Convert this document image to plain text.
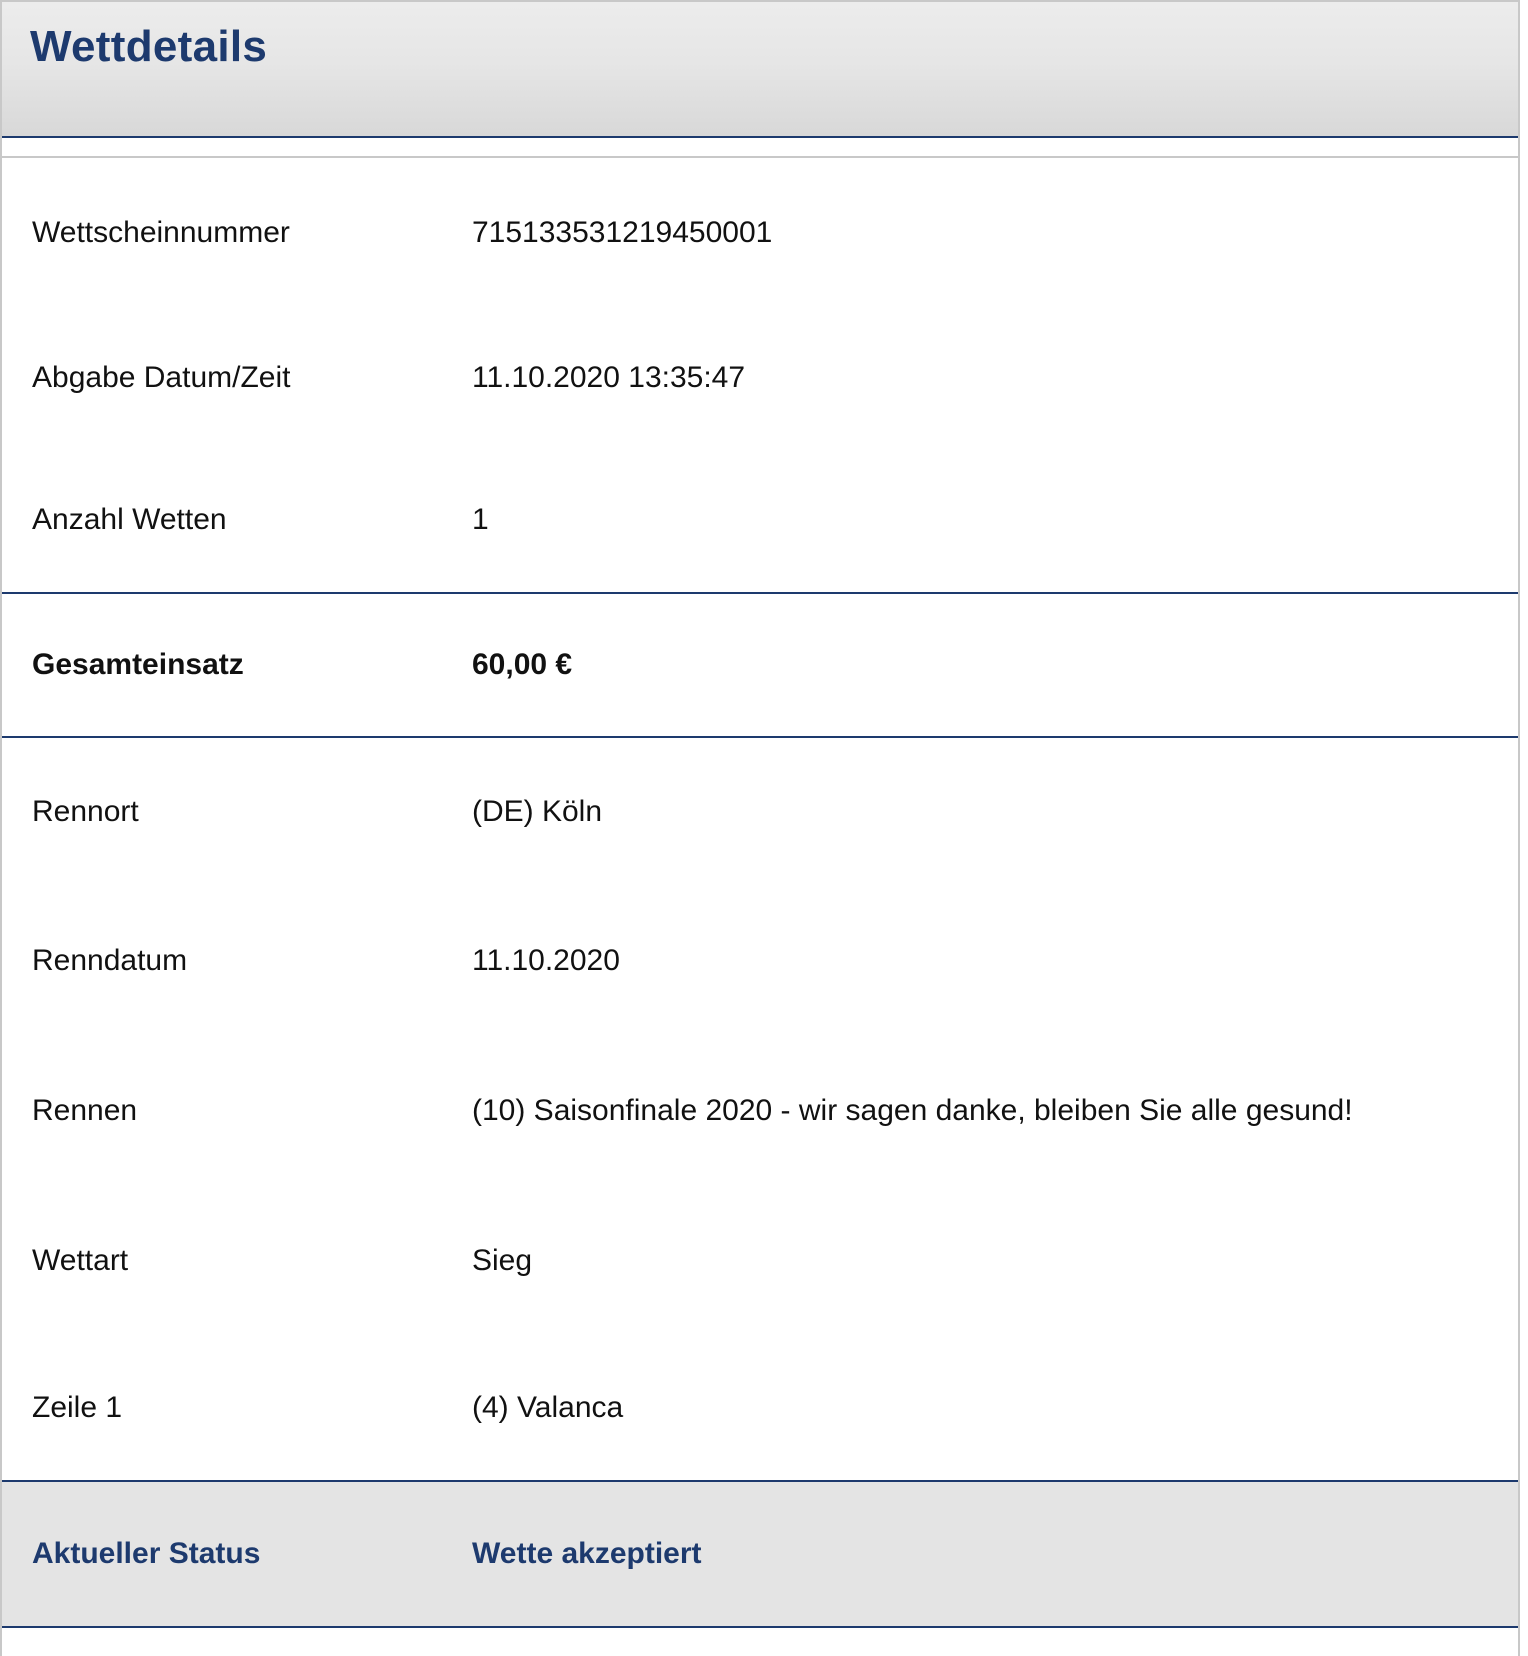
Wettdetails
Wettscheinnummer	715133531219450001
Abgabe Datum/Zeit	11.10.2020 13:35:47
Anzahl Wetten	1
Gesamteinsatz	60,00 €
Rennort	(DE) Köln
Renndatum	11.10.2020
Rennen	(10) Saisonfinale 2020 - wir sagen danke, bleiben Sie alle gesund!
Wettart	Sieg
Zeile 1	(4) Valanca
Aktueller Status	Wette akzeptiert
